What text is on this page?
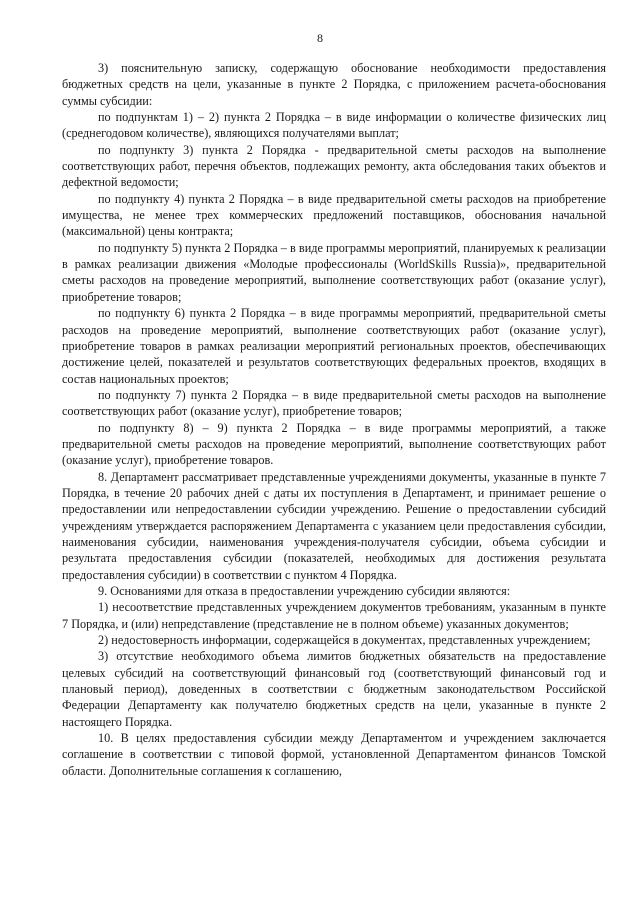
8

3) пояснительную записку, содержащую обоснование необходимости предоставления бюджетных средств на цели, указанные в пункте 2 Порядка, с приложением расчета-обоснования суммы субсидии:

по подпунктам 1) – 2) пункта 2 Порядка – в виде информации о количестве физических лиц (среднегодовом количестве), являющихся получателями выплат;

по подпункту 3) пункта 2 Порядка - предварительной сметы расходов на выполнение соответствующих работ, перечня объектов, подлежащих ремонту, акта обследования таких объектов и дефектной ведомости;

по подпункту 4) пункта 2 Порядка – в виде предварительной сметы расходов на приобретение имущества, не менее трех коммерческих предложений поставщиков, обоснования начальной (максимальной) цены контракта;

по подпункту 5) пункта 2 Порядка – в виде программы мероприятий, планируемых к реализации в рамках реализации движения «Молодые профессионалы (WorldSkills Russia)», предварительной сметы расходов на проведение мероприятий, выполнение соответствующих работ (оказание услуг), приобретение товаров;

по подпункту 6) пункта 2 Порядка – в виде программы мероприятий, предварительной сметы расходов на проведение мероприятий, выполнение соответствующих работ (оказание услуг), приобретение товаров в рамках реализации мероприятий региональных проектов, обеспечивающих достижение целей, показателей и результатов соответствующих федеральных проектов, входящих в состав национальных проектов;

по подпункту 7) пункта 2 Порядка – в виде предварительной сметы расходов на выполнение соответствующих работ (оказание услуг), приобретение товаров;

по подпункту 8) – 9) пункта 2 Порядка – в виде программы мероприятий, а также предварительной сметы расходов на проведение мероприятий, выполнение соответствующих работ (оказание услуг), приобретение товаров.

8. Департамент рассматривает представленные учреждениями документы, указанные в пункте 7 Порядка, в течение 20 рабочих дней с даты их поступления в Департамент, и принимает решение о предоставлении или непредоставлении субсидии учреждению. Решение о предоставлении субсидий учреждениям утверждается распоряжением Департамента с указанием цели предоставления субсидии, наименования субсидии, наименования учреждения-получателя субсидии, объема субсидии и результата предоставления субсидии (показателей, необходимых для достижения результата предоставления субсидии) в соответствии с пунктом 4 Порядка.

9. Основаниями для отказа в предоставлении учреждению субсидии являются:

1) несоответствие представленных учреждением документов требованиям, указанным в пункте 7 Порядка, и (или) непредставление (представление не в полном объеме) указанных документов;

2) недостоверность информации, содержащейся в документах, представленных учреждением;

3) отсутствие необходимого объема лимитов бюджетных обязательств на предоставление целевых субсидий на соответствующий финансовый год (соответствующий финансовый год и плановый период), доведенных в соответствии с бюджетным законодательством Российской Федерации Департаменту как получателю бюджетных средств на цели, указанные в пункте 2 настоящего Порядка.

10. В целях предоставления субсидии между Департаментом и учреждением заключается соглашение в соответствии с типовой формой, установленной Департаментом финансов Томской области. Дополнительные соглашения к соглашению,
